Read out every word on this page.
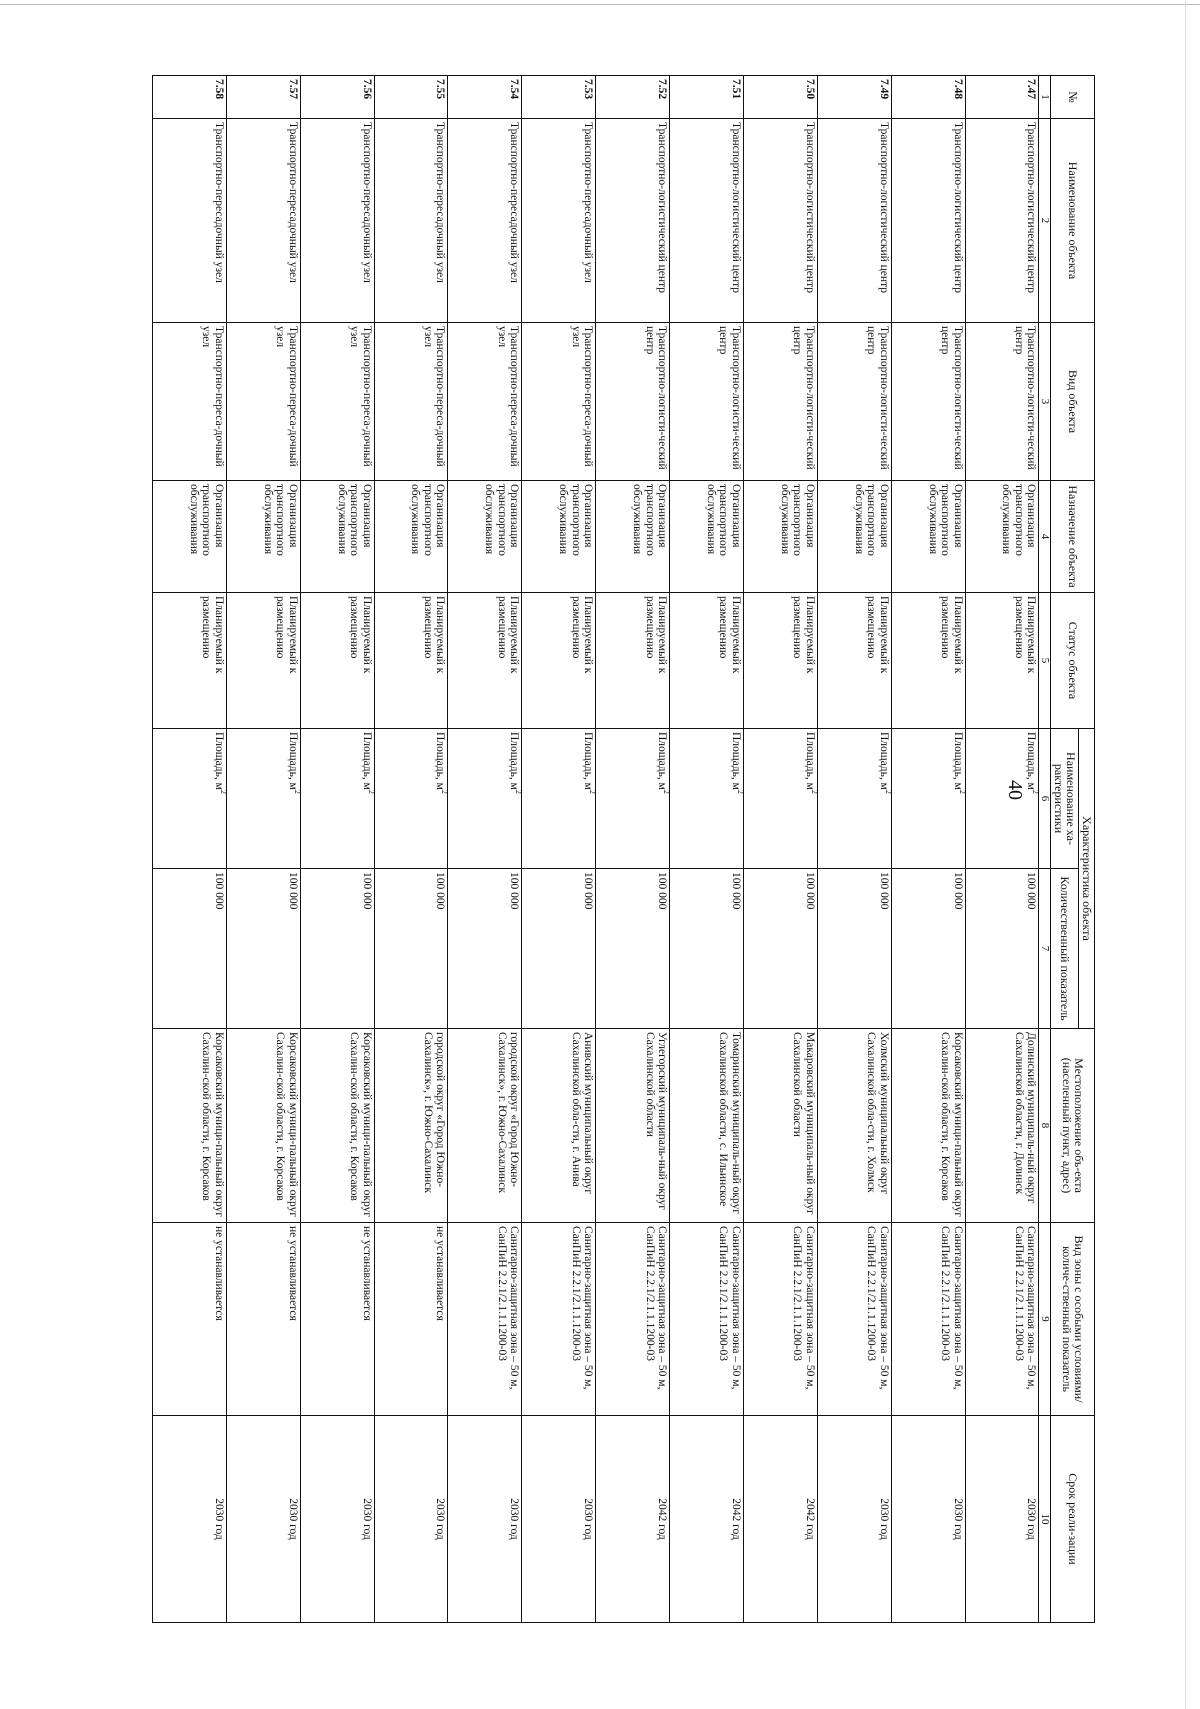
40
№	Наименование объекта	Вид объекта	Назначение объекта	Статус объекта	Характеристика объекта		Местоположение объ-екта (населенный пункт, адрес)	Вид зоны с особыми условиями/ количе-ственный показатель	Срок реали-зации
					Наименование ха-рактеристики	Количественный показатель			
1	2	3	4	5	6	7	8	9	10
7.47	Транспортно-логистический центр	Транспортно-логисти-ческий центр	Организация транспортного обслуживания	Планируемый к размещению	Площадь, $м^2$	100 000	Долинский муниципаль-ный округ Сахалинской области, г. Долинск	Санитарно-защитная зона – 50 м, СанПиН 2.2.1/2.1.1.1200-03	2030 год
7.48	Транспортно-логистический центр	Транспортно-логисти-ческий центр	Организация транспортного обслуживания	Планируемый к размещению	Площадь, $м^2$	100 000	Корсаковский муници-пальный округ Сахалин-ской области, г. Корсаков	Санитарно-защитная зона – 50 м, СанПиН 2.2.1/2.1.1.1200-03	2030 год
7.49	Транспортно-логистический центр	Транспортно-логисти-ческий центр	Организация транспортного обслуживания	Планируемый к размещению	Площадь, $м^2$	100 000	Холмский муниципальный округ Сахалинской обла-сти, г. Холмск	Санитарно-защитная зона – 50 м, СанПиН 2.2.1/2.1.1.1200-03	2030 год
7.50	Транспортно-логистический центр	Транспортно-логисти-ческий центр	Организация транспортного обслуживания	Планируемый к размещению	Площадь, $м^2$	100 000	Макаровский муниципаль-ный округ Сахалинской области	Санитарно-защитная зона – 50 м, СанПиН 2.2.1/2.1.1.1200-03	2042 год
7.51	Транспортно-логистический центр	Транспортно-логисти-ческий центр	Организация транспортного обслуживания	Планируемый к размещению	Площадь, $м^2$	100 000	Томаринский муниципаль-ный округ Сахалинской области, с. Ильинское	Санитарно-защитная зона – 50 м, СанПиН 2.2.1/2.1.1.1200-03	2042 год
7.52	Транспортно-логистический центр	Транспортно-логисти-ческий центр	Организация транспортного обслуживания	Планируемый к размещению	Площадь, $м^2$	100 000	Углегорский муниципаль-ный округ Сахалинской области	Санитарно-защитная зона – 50 м, СанПиН 2.2.1/2.1.1.1200-03	2042 год
7.53	Транспортно-пересадочный узел	Транспортно-переса-дочный узел	Организация транспортного обслуживания	Планируемый к размещению	Площадь, $м^2$	100 000	Анивский муниципальный округ Сахалинской обла-сти, г. Анива	Санитарно-защитная зона – 50 м, СанПиН 2.2.1/2.1.1.1200-03	2030 год
7.54	Транспортно-пересадочный узел	Транспортно-переса-дочный узел	Организация транспортного обслуживания	Планируемый к размещению	Площадь, $м^2$	100 000	городской округ «Город Южно-Сахалинск», г. Южно-Сахалинск	Санитарно-защитная зона – 50 м, СанПиН 2.2.1/2.1.1.1200-03	2030 год
7.55	Транспортно-пересадочный узел	Транспортно-переса-дочный узел	Организация транспортного обслуживания	Планируемый к размещению	Площадь, $м^2$	100 000	городской округ «Город Южно-Сахалинск», г. Южно-Сахалинск	не устанавливается	2030 год
7.56	Транспортно-пересадочный узел	Транспортно-переса-дочный узел	Организация транспортного обслуживания	Планируемый к размещению	Площадь, $м^2$	100 000	Корсаковский муници-пальный округ Сахалин-ской области, г. Корсаков	не устанавливается	2030 год
7.57	Транспортно-пересадочный узел	Транспортно-переса-дочный узел	Организация транспортного обслуживания	Планируемый к размещению	Площадь, $м^2$	100 000	Корсаковский муници-пальный округ Сахалин-ской области, г. Корсаков	не устанавливается	2030 год
7.58	Транспортно-пересадочный узел	Транспортно-переса-дочный узел	Организация транспортного обслуживания	Планируемый к размещению	Площадь, $м^2$	100 000	Корсаковский муници-пальный округ Сахалин-ской области, г. Корсаков	не устанавливается	2030 год
